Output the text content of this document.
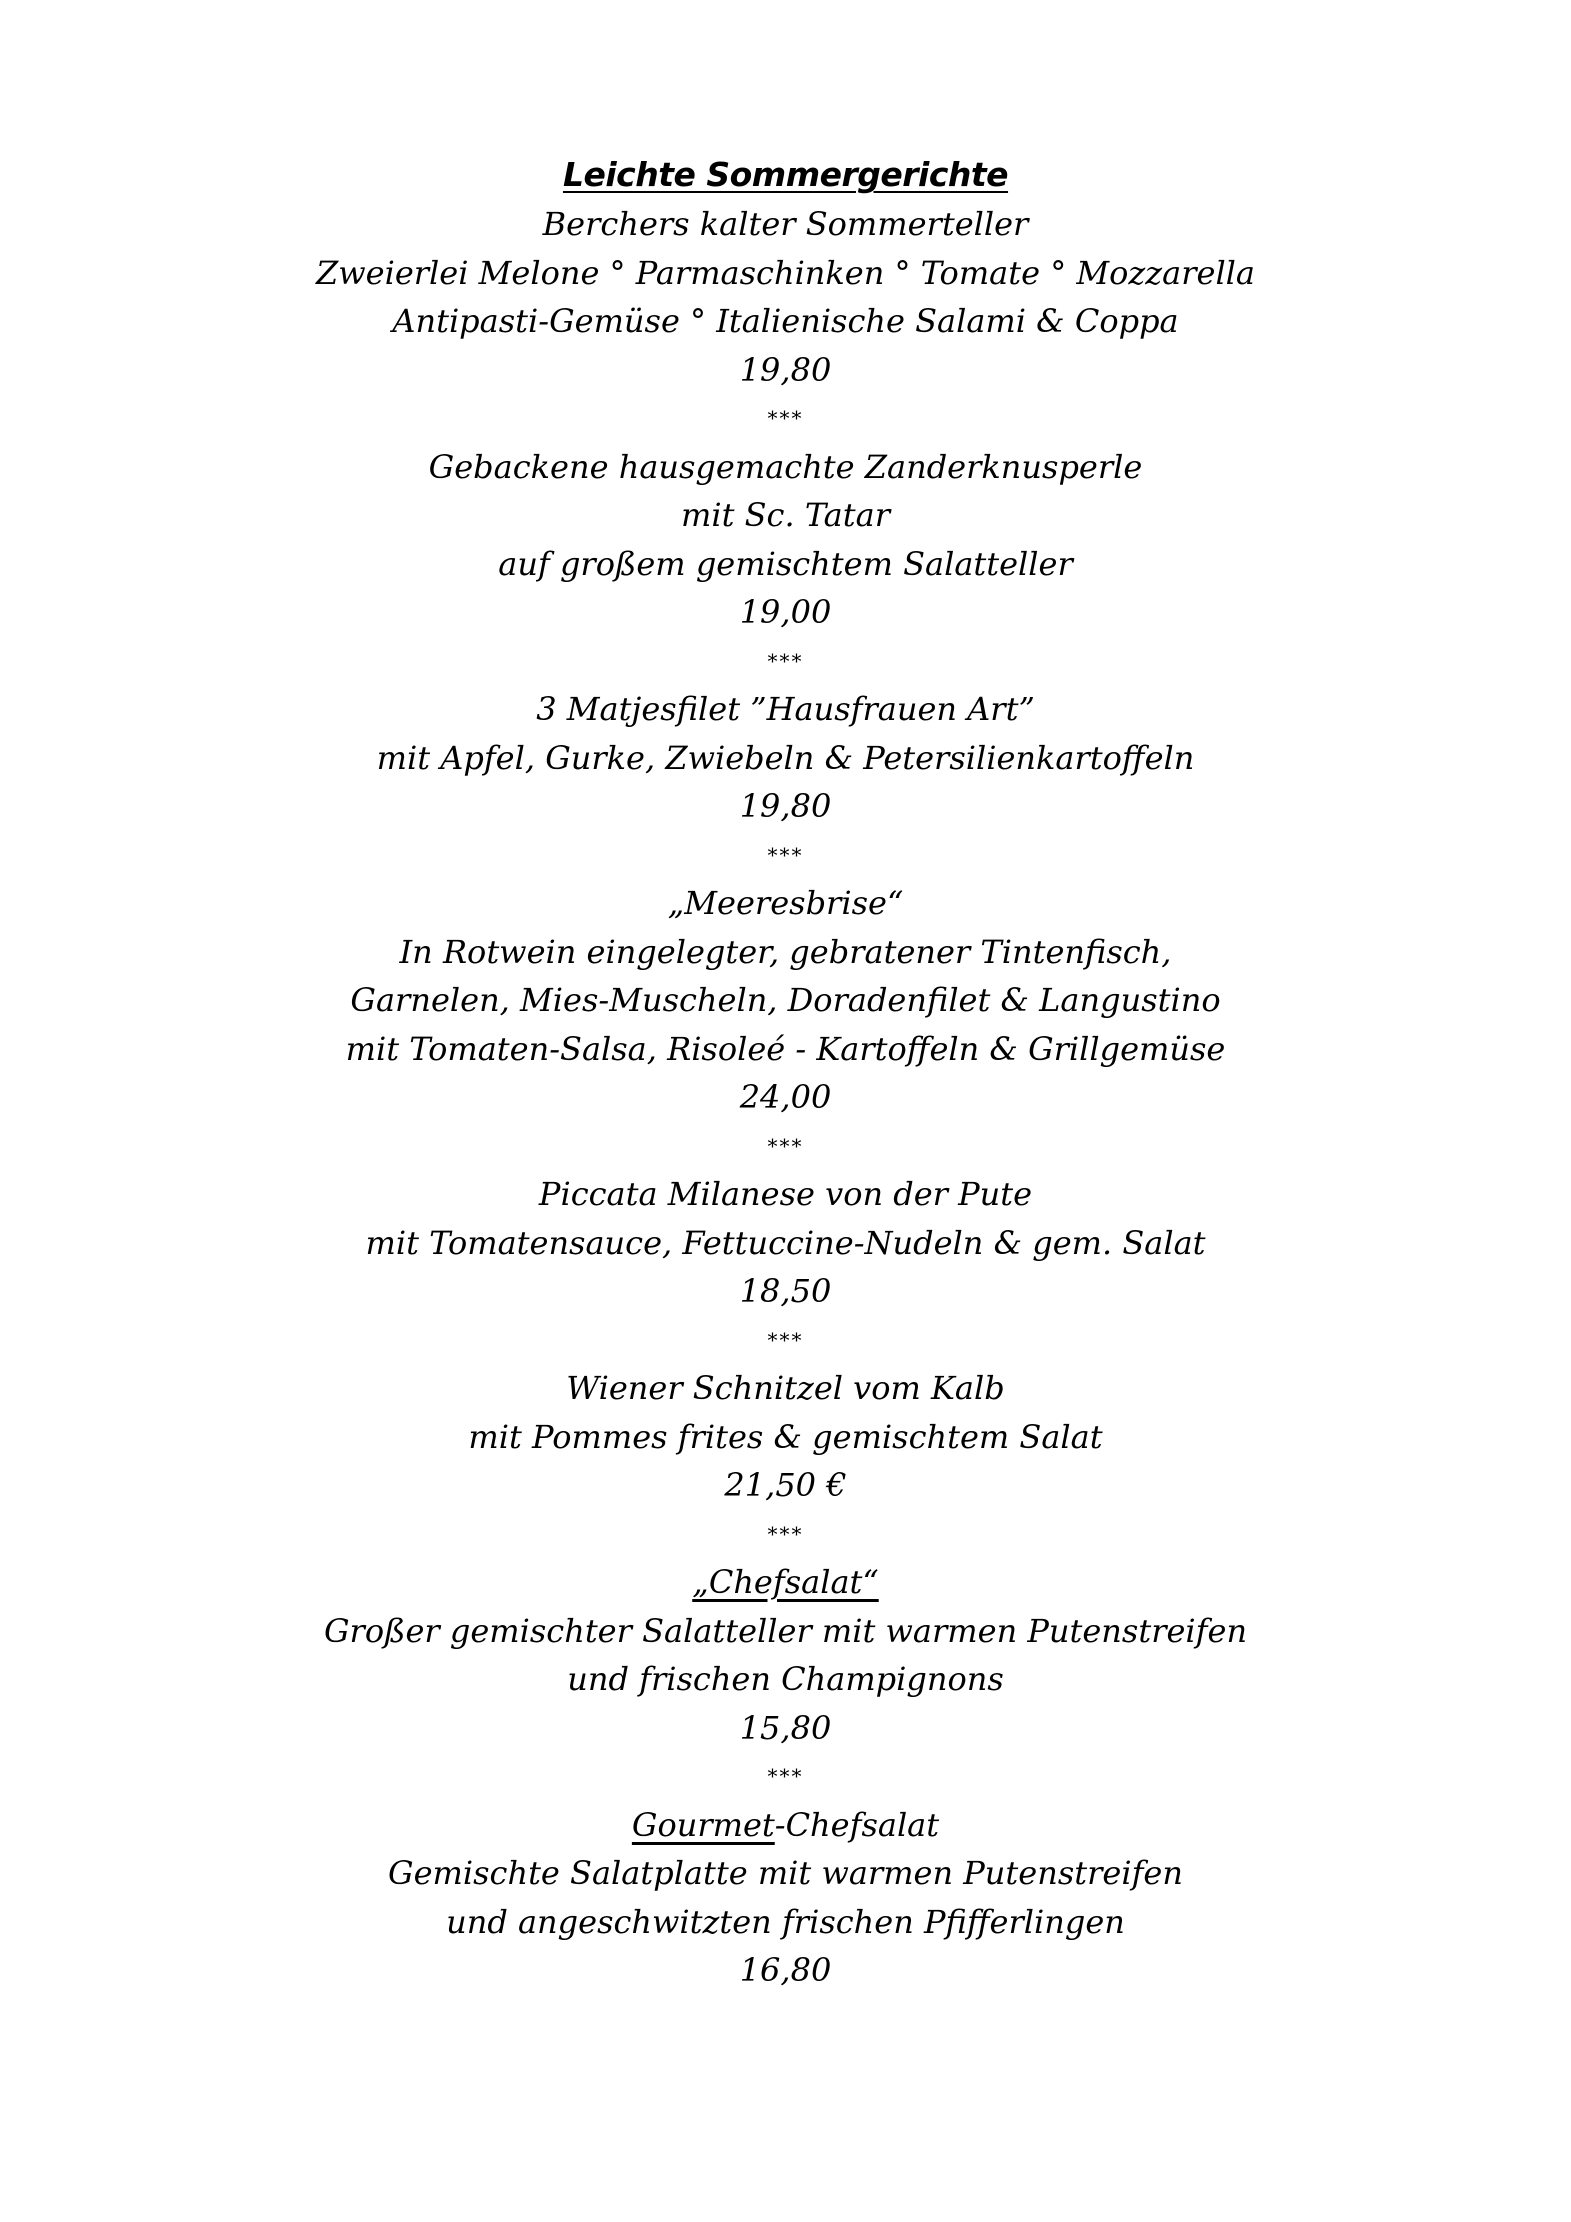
Leichte Sommergerichte
Berchers kalter Sommerteller
Zweierlei Melone ° Parmaschinken ° Tomate ° Mozzarella
Antipasti-Gemüse ° Italienische Salami & Coppa
19,80
***
Gebackene hausgemachte Zanderknusperle
mit Sc. Tatar
auf großem gemischtem Salatteller
19,00
***
3 Matjesfilet ”Hausfrauen Art”
mit Apfel, Gurke, Zwiebeln & Petersilienkartoffeln
19,80
***
„Meeresbrise“
In Rotwein eingelegter, gebratener Tintenfisch,
Garnelen, Mies-Muscheln, Doradenfilet & Langustino
mit Tomaten-Salsa, Risoleé - Kartoffeln & Grillgemüse
24,00
***
Piccata Milanese von der Pute
mit Tomatensauce, Fettuccine-Nudeln & gem. Salat
18,50
***
Wiener Schnitzel vom Kalb
mit Pommes frites & gemischtem Salat
21,50 €
***
„Chefsalat“
Großer gemischter Salatteller mit warmen Putenstreifen
und frischen Champignons
15,80
***
Gourmet-Chefsalat
Gemischte Salatplatte mit warmen Putenstreifen
und angeschwitzten frischen Pfifferlingen
16,80
